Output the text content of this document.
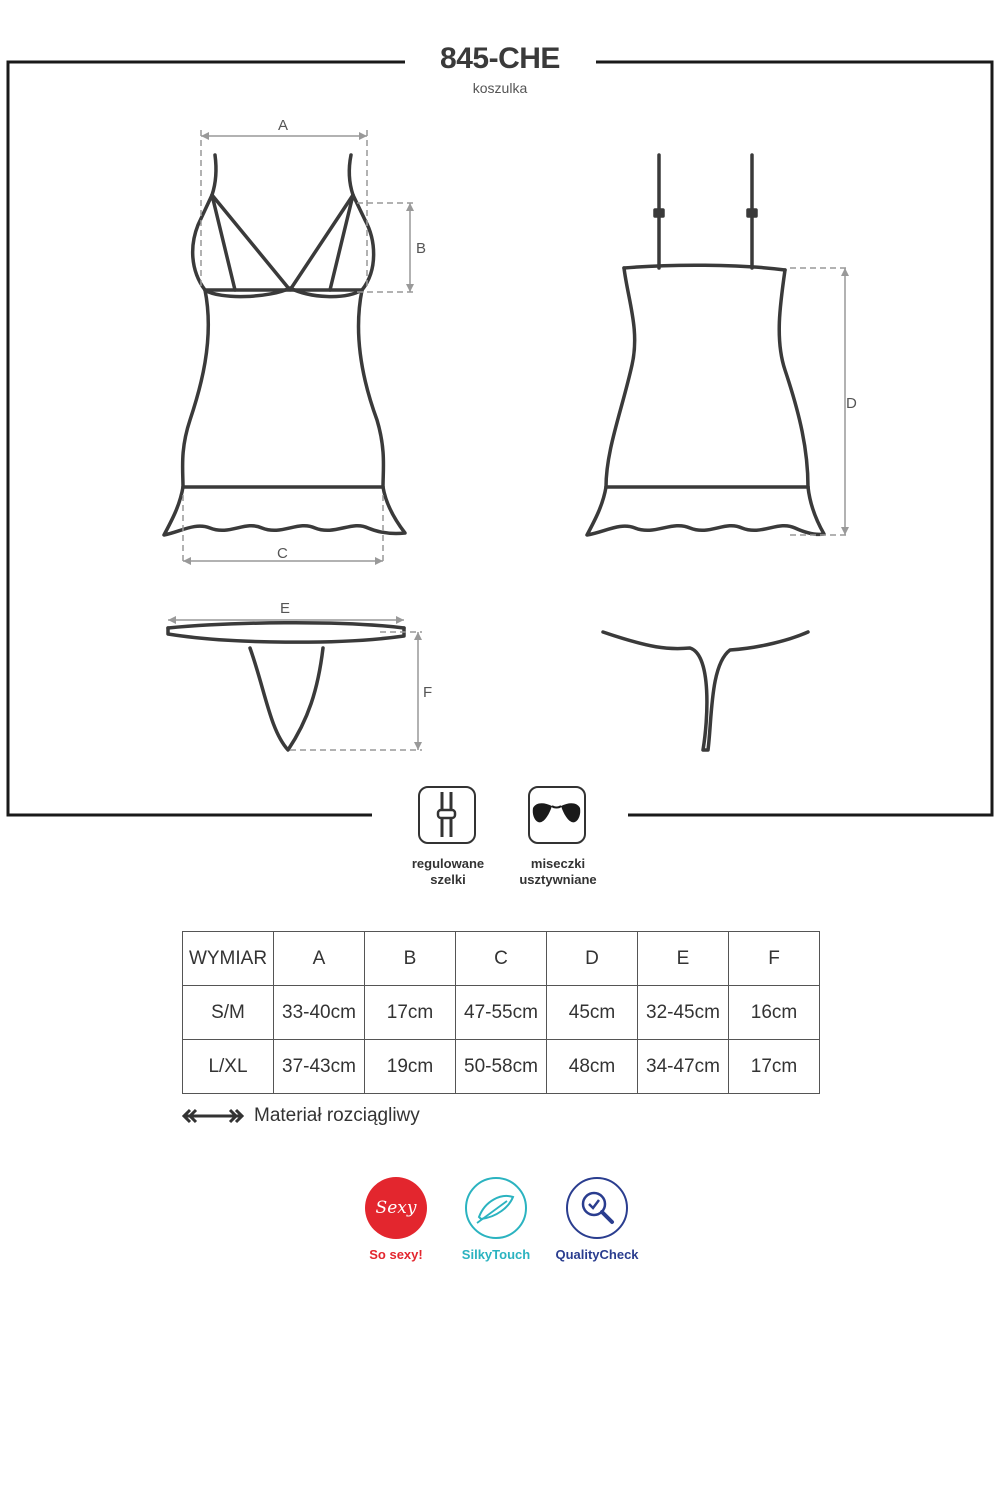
845-CHE
koszulka
A
B
C
D
E
F
regulowane
szelki
miseczki
usztywniane
WYMIAR	A	B	C	D	E	F
S/M	33-40cm	17cm	47-55cm	45cm	32-45cm	16cm
L/XL	37-43cm	19cm	50-58cm	48cm	34-47cm	17cm
Materiał rozciągliwy
Sexy
So sexy!	SilkyTouch	QualityCheck
